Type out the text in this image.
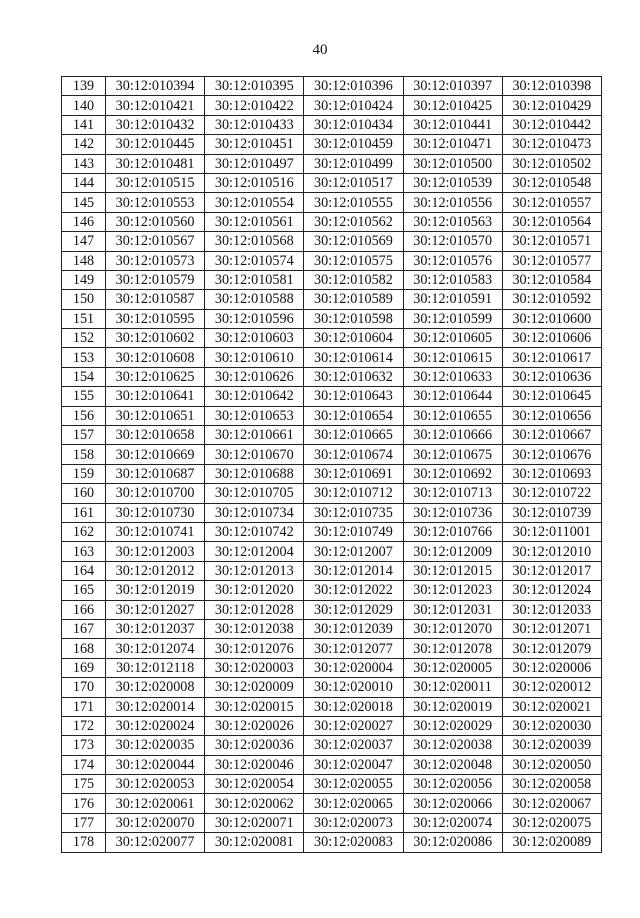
40
139	30:12:010394	30:12:010395	30:12:010396	30:12:010397	30:12:010398
140	30:12:010421	30:12:010422	30:12:010424	30:12:010425	30:12:010429
141	30:12:010432	30:12:010433	30:12:010434	30:12:010441	30:12:010442
142	30:12:010445	30:12:010451	30:12:010459	30:12:010471	30:12:010473
143	30:12:010481	30:12:010497	30:12:010499	30:12:010500	30:12:010502
144	30:12:010515	30:12:010516	30:12:010517	30:12:010539	30:12:010548
145	30:12:010553	30:12:010554	30:12:010555	30:12:010556	30:12:010557
146	30:12:010560	30:12:010561	30:12:010562	30:12:010563	30:12:010564
147	30:12:010567	30:12:010568	30:12:010569	30:12:010570	30:12:010571
148	30:12:010573	30:12:010574	30:12:010575	30:12:010576	30:12:010577
149	30:12:010579	30:12:010581	30:12:010582	30:12:010583	30:12:010584
150	30:12:010587	30:12:010588	30:12:010589	30:12:010591	30:12:010592
151	30:12:010595	30:12:010596	30:12:010598	30:12:010599	30:12:010600
152	30:12:010602	30:12:010603	30:12:010604	30:12:010605	30:12:010606
153	30:12:010608	30:12:010610	30:12:010614	30:12:010615	30:12:010617
154	30:12:010625	30:12:010626	30:12:010632	30:12:010633	30:12:010636
155	30:12:010641	30:12:010642	30:12:010643	30:12:010644	30:12:010645
156	30:12:010651	30:12:010653	30:12:010654	30:12:010655	30:12:010656
157	30:12:010658	30:12:010661	30:12:010665	30:12:010666	30:12:010667
158	30:12:010669	30:12:010670	30:12:010674	30:12:010675	30:12:010676
159	30:12:010687	30:12:010688	30:12:010691	30:12:010692	30:12:010693
160	30:12:010700	30:12:010705	30:12:010712	30:12:010713	30:12:010722
161	30:12:010730	30:12:010734	30:12:010735	30:12:010736	30:12:010739
162	30:12:010741	30:12:010742	30:12:010749	30:12:010766	30:12:011001
163	30:12:012003	30:12:012004	30:12:012007	30:12:012009	30:12:012010
164	30:12:012012	30:12:012013	30:12:012014	30:12:012015	30:12:012017
165	30:12:012019	30:12:012020	30:12:012022	30:12:012023	30:12:012024
166	30:12:012027	30:12:012028	30:12:012029	30:12:012031	30:12:012033
167	30:12:012037	30:12:012038	30:12:012039	30:12:012070	30:12:012071
168	30:12:012074	30:12:012076	30:12:012077	30:12:012078	30:12:012079
169	30:12:012118	30:12:020003	30:12:020004	30:12:020005	30:12:020006
170	30:12:020008	30:12:020009	30:12:020010	30:12:020011	30:12:020012
171	30:12:020014	30:12:020015	30:12:020018	30:12:020019	30:12:020021
172	30:12:020024	30:12:020026	30:12:020027	30:12:020029	30:12:020030
173	30:12:020035	30:12:020036	30:12:020037	30:12:020038	30:12:020039
174	30:12:020044	30:12:020046	30:12:020047	30:12:020048	30:12:020050
175	30:12:020053	30:12:020054	30:12:020055	30:12:020056	30:12:020058
176	30:12:020061	30:12:020062	30:12:020065	30:12:020066	30:12:020067
177	30:12:020070	30:12:020071	30:12:020073	30:12:020074	30:12:020075
178	30:12:020077	30:12:020081	30:12:020083	30:12:020086	30:12:020089
